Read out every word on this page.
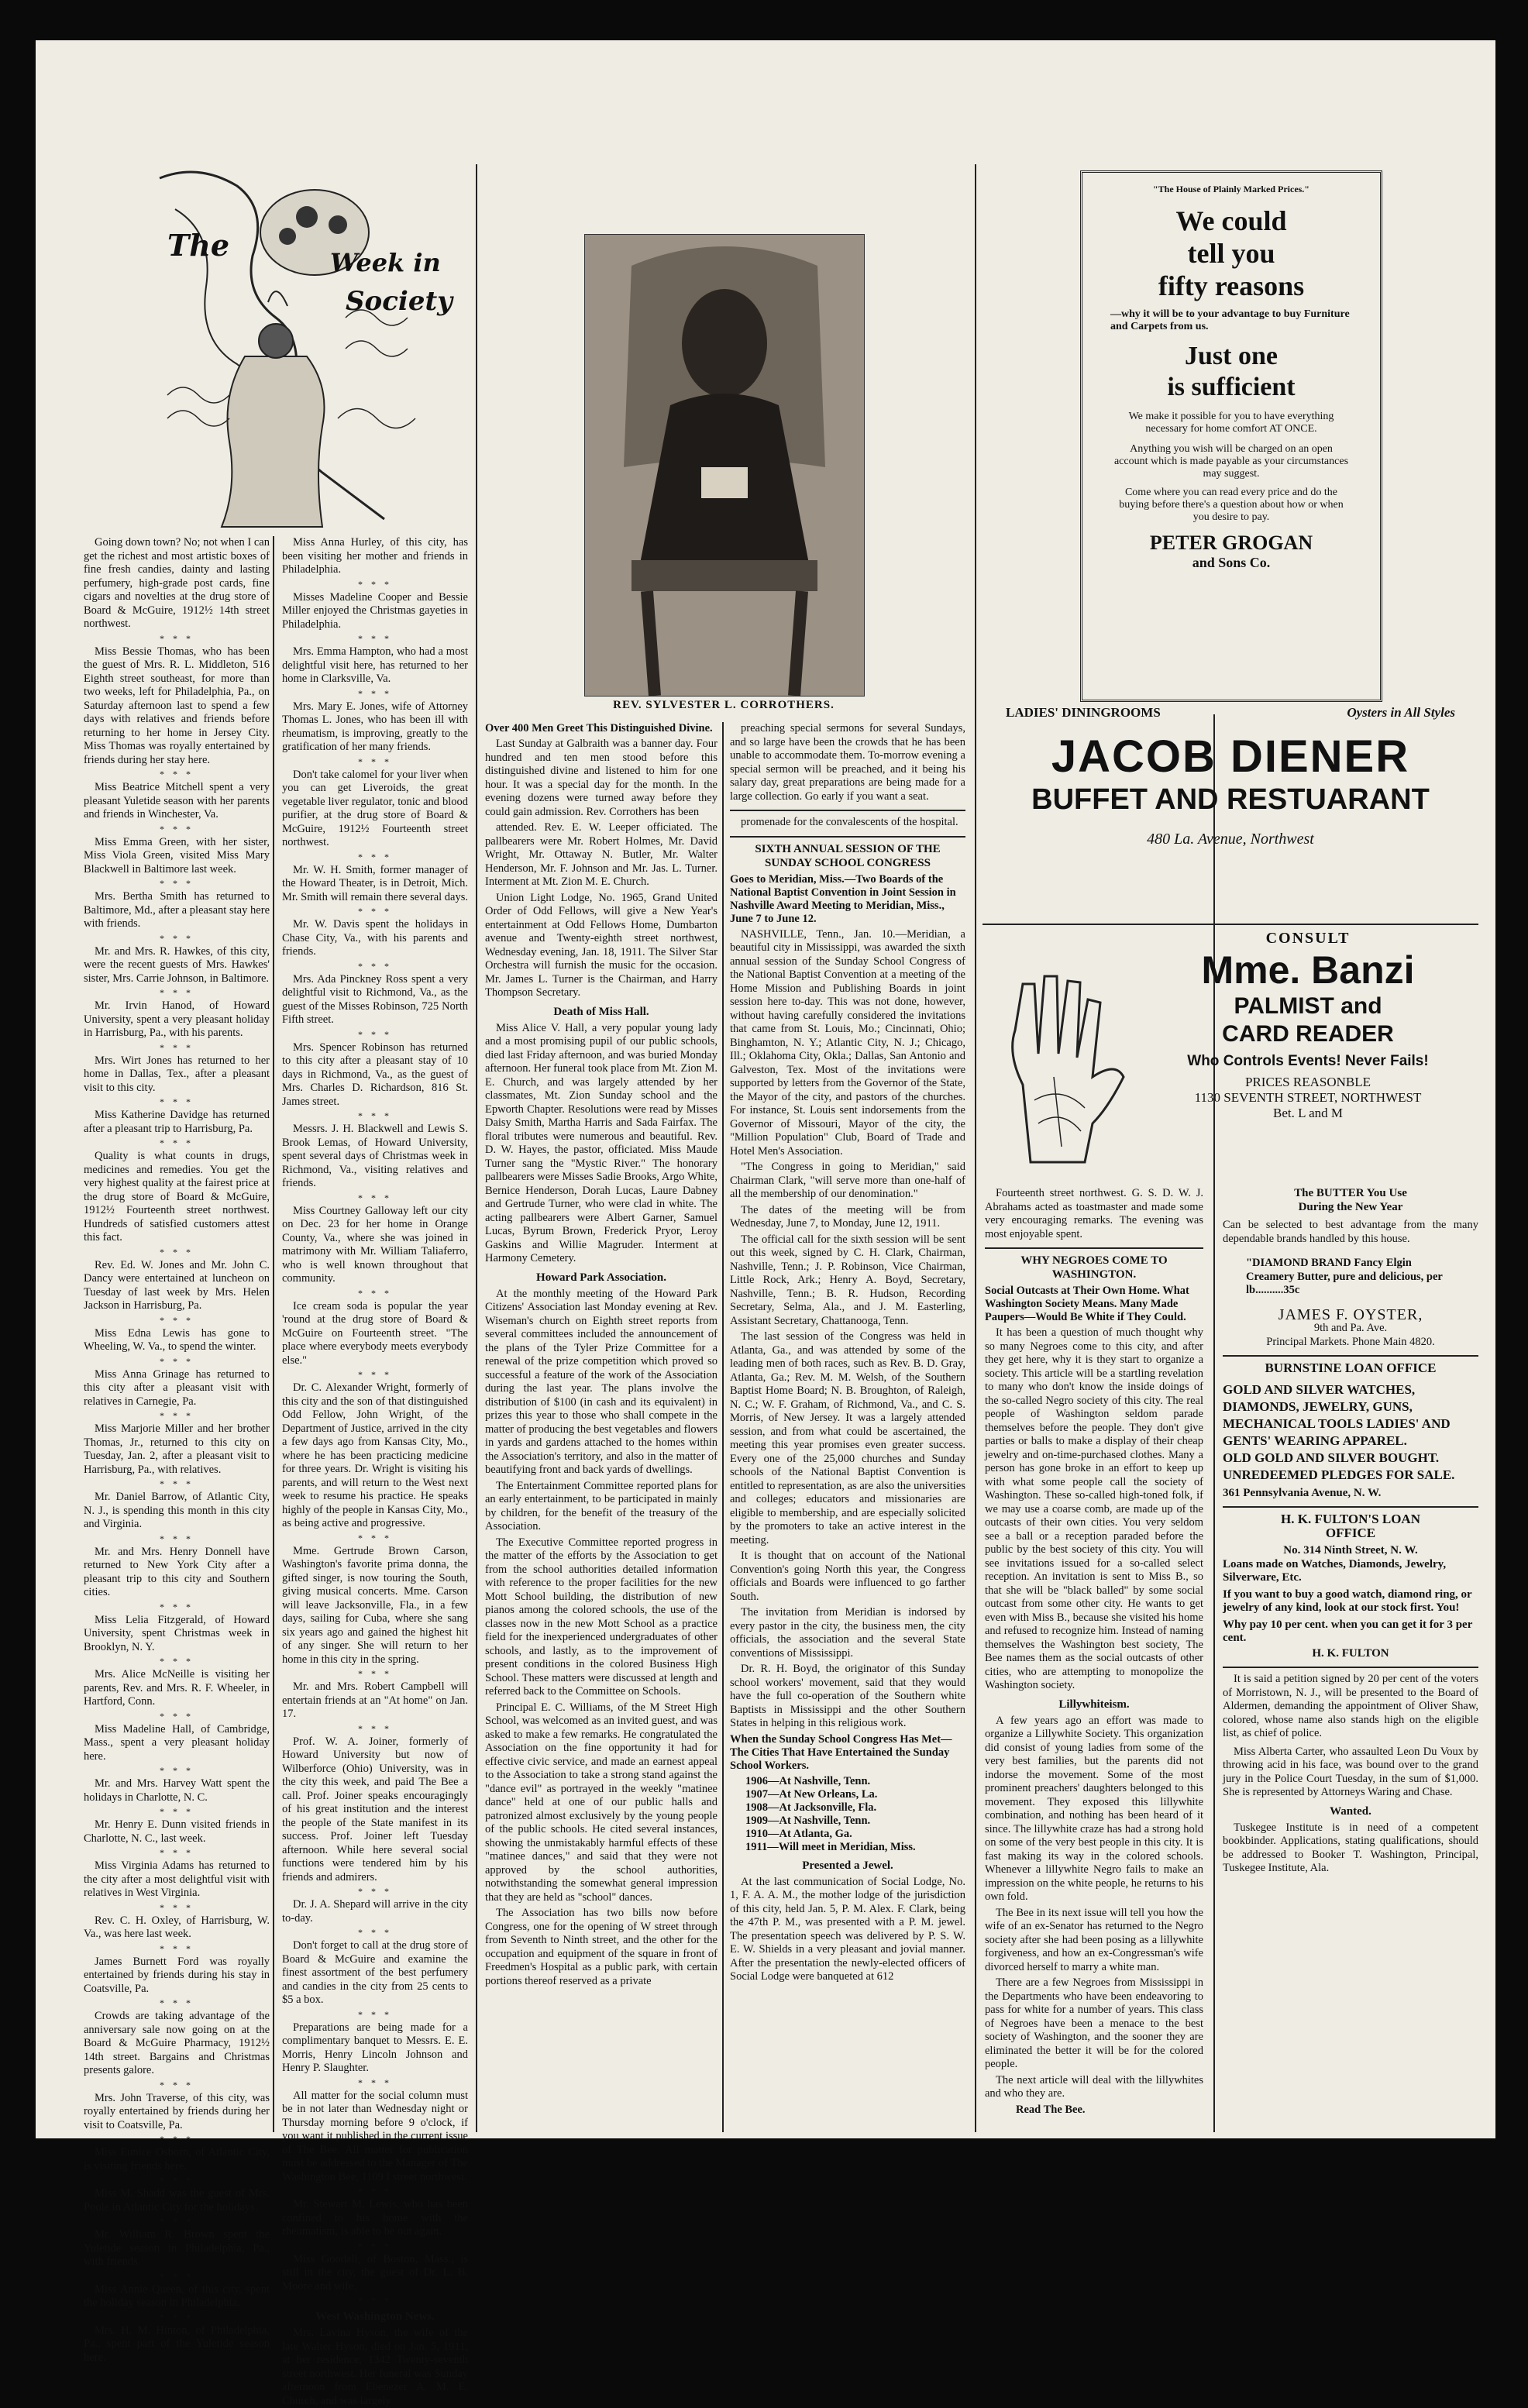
The	Week in
Society
REV. SYLVESTER L. CORROTHERS.

Going down town? No; not when I can get the richest and most artistic boxes of fine fresh candies, dainty and lasting perfumery, high-grade post cards, fine cigars and novelties at the drug store of Board & McGuire, 1912½ 14th street northwest.

* * *

Miss Bessie Thomas, who has been the guest of Mrs. R. L. Middleton, 516 Eighth street southeast, for more than two weeks, left for Philadelphia, Pa., on Saturday afternoon last to spend a few days with relatives and friends before returning to her home in Jersey City. Miss Thomas was royally entertained by friends during her stay here.

* * *

Miss Beatrice Mitchell spent a very pleasant Yuletide season with her parents and friends in Winchester, Va.

* * *

Miss Emma Green, with her sister, Miss Viola Green, visited Miss Mary Blackwell in Baltimore last week.

* * *

Mrs. Bertha Smith has returned to Baltimore, Md., after a pleasant stay here with friends.

* * *

Mr. and Mrs. R. Hawkes, of this city, were the recent guests of Mrs. Hawkes' sister, Mrs. Carrie Johnson, in Baltimore.

* * *

Mr. Irvin Hanod, of Howard University, spent a very pleasant holiday in Harrisburg, Pa., with his parents.

* * *

Mrs. Wirt Jones has returned to her home in Dallas, Tex., after a pleasant visit to this city.

* * *

Miss Katherine Davidge has returned after a pleasant trip to Harrisburg, Pa.

* * *

Quality is what counts in drugs, medicines and remedies. You get the very highest quality at the fairest price at the drug store of Board & McGuire, 1912½ Fourteenth street northwest. Hundreds of satisfied customers attest this fact.

* * *

Rev. Ed. W. Jones and Mr. John C. Dancy were entertained at luncheon on Tuesday of last week by Mrs. Helen Jackson in Harrisburg, Pa.

* * *

Miss Edna Lewis has gone to Wheeling, W. Va., to spend the winter.

* * *

Miss Anna Grinage has returned to this city after a pleasant visit with relatives in Carnegie, Pa.

* * *

Miss Marjorie Miller and her brother Thomas, Jr., returned to this city on Tuesday, Jan. 2, after a pleasant visit to Harrisburg, Pa., with relatives.

* * *

Mr. Daniel Barrow, of Atlantic City, N. J., is spending this month in this city and Virginia.

* * *

Mr. and Mrs. Henry Donnell have returned to New York City after a pleasant trip to this city and Southern cities.

* * *

Miss Lelia Fitzgerald, of Howard University, spent Christmas week in Brooklyn, N. Y.

* * *

Mrs. Alice McNeille is visiting her parents, Rev. and Mrs. R. F. Wheeler, in Hartford, Conn.

* * *

Miss Madeline Hall, of Cambridge, Mass., spent a very pleasant holiday here.

* * *

Mr. and Mrs. Harvey Watt spent the holidays in Charlotte, N. C.

* * *

Mr. Henry E. Dunn visited friends in Charlotte, N. C., last week.

* * *

Miss Virginia Adams has returned to the city after a most delightful visit with relatives in West Virginia.

* * *

Rev. C. H. Oxley, of Harrisburg, W. Va., was here last week.

* * *

James Burnett Ford was royally entertained by friends during his stay in Coatsville, Pa.

* * *

Crowds are taking advantage of the anniversary sale now going on at the Board & McGuire Pharmacy, 1912½ 14th street. Bargains and Christmas presents galore.

* * *

Mrs. John Traverse, of this city, was royally entertained by friends during her visit to Coatsville, Pa.

* * *

Miss Eunice Osborn, of Atlantic City, is visiting friends here.

* * *

Miss M. Shadd was the guest of Mrs. Poole in Atlantic City for the holidays.

* * *

Mr. William R. Brown spent the Yuletide season in Philadelphia, Pa., with friends.

* * *

Miss Annie Queen, of this city, spent the holiday season in Philadelphia.

* * *

Mrs. H. M. Hinton, of Philadelphia, Pa., spent part of the Yuletide season here.

Over 400 Men Greet This Distinguished Divine.

Last Sunday at Galbraith was a banner day. Four hundred and ten men stood before this distinguished divine and listened to him for one hour. It was a special day for the month. In the evening dozens were turned away before they could gain admission. Rev. Corrothers has been

attended. Rev. E. W. Leeper officiated. The pallbearers were Mr. Robert Holmes, Mr. David Wright, Mr. Ottaway N. Butler, Mr. Walter Henderson, Mr. F. Johnson and Mr. Jas. L. Turner. Interment at Mt. Zion M. E. Church.

Union Light Lodge, No. 1965, Grand United Order of Odd Fellows, will give a New Year's entertainment at Odd Fellows Home, Dumbarton avenue and Twenty-eighth street northwest, Wednesday evening, Jan. 18, 1911. The Silver Star Orchestra will furnish the music for the occasion. Mr. James L. Turner is the Chairman, and Harry Thompson Secretary.

Death of Miss Hall.

Miss Alice V. Hall, a very popular young lady and a most promising pupil of our public schools, died last Friday afternoon, and was buried Monday afternoon. Her funeral took place from Mt. Zion M. E. Church, and was largely attended by her classmates, Mt. Zion Sunday school and the Epworth Chapter. Resolutions were read by Misses Daisy Smith, Martha Harris and Sada Fairfax. The floral tributes were numerous and beautiful. Rev. D. W. Hayes, the pastor, officiated. Miss Maude Turner sang the "Mystic River." The honorary pallbearers were Misses Sadie Brooks, Argo White, Bernice Henderson, Dorah Lucas, Laure Dabney and Gertrude Turner, who were clad in white. The acting pallbearers were Albert Garner, Samuel Lucas, Byrum Brown, Frederick Pryor, Leroy Gaskins and Willie Magruder. Interment at Harmony Cemetery.

Howard Park Association.

At the monthly meeting of the Howard Park Citizens' Association last Monday evening at Rev. Wiseman's church on Eighth street reports from several committees included the announcement of the plans of the Tyler Prize Committee for a renewal of the prize competition which proved so successful a feature of the work of the Association during the last year. The plans involve the distribution of $100 (in cash and its equivalent) in prizes this year to those who shall compete in the matter of producing the best vegetables and flowers in yards and gardens attached to the homes within the Association's territory, and also in the matter of beautifying front and back yards of dwellings.

The Entertainment Committee reported plans for an early entertainment, to be participated in mainly by children, for the benefit of the treasury of the Association.

The Executive Committee reported progress in the matter of the efforts by the Association to get from the school authorities detailed information with reference to the proper facilities for the new Mott School building, the distribution of new pianos among the colored schools, the use of the classes now in the new Mott School as a practice field for the inexperienced undergraduates of other schools, and lastly, as to the improvement of present conditions in the colored Business High School. These matters were discussed at length and referred back to the Committee on Schools.

Principal E. C. Williams, of the M Street High School, was welcomed as an invited guest, and was asked to make a few remarks. He congratulated the Association on the fine opportunity it had for effective civic service, and made an earnest appeal to the Association to take a strong stand against the "dance evil" as portrayed in the weekly "matinee dance" held at one of our public halls and patronized almost exclusively by the young people of the public schools. He cited several instances, showing the unmistakably harmful effects of these "matinee dances," and said that they were not approved by the school authorities, notwithstanding the somewhat general impression that they are held as "school" dances.

The Association has two bills now before Congress, one for the opening of W street through from Seventh to Ninth street, and the other for the occupation and equipment of the square in front of Freedmen's Hospital as a public park, with certain portions thereof reserved as a private

"The House of Plainly Marked Prices."
We could
tell you
fifty reasons
—why it will be to your advantage to buy Furniture and Carpets from us.
Just one
is sufficient
We make it possible for you to have everything necessary for home comfort AT ONCE.
Anything you wish will be charged on an open account which is made payable as your circumstances may suggest.
Come where you can read every price and do the buying before there's a question about how or when you desire to pay.
PETER GROGAN
and Sons Co.
LADIES' DININGROOMS	Oysters in All Styles
JACOB DIENER
BUFFET AND RESTUARANT
480 La. Avenue, Northwest
CONSULT
Mme. Banzi
PALMIST and
CARD READER
Who Controls Events! Never Fails!
PRICES REASONBLE
1130 SEVENTH STREET, NORTHWEST
Bet. L and M

Fourteenth street northwest. G. S. D. W. J. Abrahams acted as toastmaster and made some very encouraging remarks. The evening was most enjoyable spent.

WHY NEGROES COME TO WASHINGTON.

Social Outcasts at Their Own Home. What Washington Society Means. Many Made Paupers—Would Be White if They Could.

It has been a question of much thought why so many Negroes come to this city, and after they get here, why it is they start to organize a society. This article will be a startling revelation to many who don't know the inside doings of the so-called Negro society of this city. The real people of Washington seldom parade themselves before the people. They don't give parties or balls to make a display of their cheap jewelry and on-time-purchased clothes. Many a person has gone broke in an effort to keep up with what some people call the society of Washington. These so-called high-toned folk, if we may use a coarse comb, are made up of the outcasts of their own cities. You very seldom see a ball or a reception paraded before the public by the best society of this city. You will see invitations issued for a so-called select reception. An invitation is sent to Miss B., so that she will be "black balled" by some social outcast from some other city. He wants to get even with Miss B., because she visited his home and refused to recognize him. Instead of naming themselves the Washington best society, The Bee names them as the social outcasts of other cities, who are attempting to monopolize the Washington society.

Lillywhiteism.

A few years ago an effort was made to organize a Lillywhite Society. This organization did consist of young ladies from some of the very best families, but the parents did not indorse the movement. Some of the most prominent preachers' daughters belonged to this movement. They exposed this lillywhite combination, and nothing has been heard of it since. The lillywhite craze has had a strong hold on some of the very best people in this city. It is fast making its way in the colored schools. Whenever a lillywhite Negro fails to make an impression on the white people, he returns to his own fold.

The Bee in its next issue will tell you how the wife of an ex-Senator has returned to the Negro society after she had been posing as a lillywhite forgiveness, and how an ex-Congressman's wife divorced herself to marry a white man.

There are a few Negroes from Mississippi in the Departments who have been endeavoring to pass for white for a number of years. This class of Negroes have been a menace to the best society of Washington, and the sooner they are eliminated the better it will be for the colored people.

The next article will deal with the lillywhites and who they are.

Read The Bee.

The BUTTER You Use
During the New Year
Can be selected to best advantage from the many dependable brands handled by this house.
"DIAMOND BRAND Fancy Elgin Creamery Butter, pure and delicious, per lb..........35c
JAMES F. OYSTER,
9th and Pa. Ave.
Principal Markets. Phone Main 4820.
BURNSTINE LOAN OFFICE
GOLD AND SILVER WATCHES, DIAMONDS, JEWELRY, GUNS, MECHANICAL TOOLS LADIES' AND GENTS' WEARING APPAREL.
OLD GOLD AND SILVER BOUGHT.
UNREDEEMED PLEDGES FOR SALE.
361 Pennsylvania Avenue, N. W.
H. K. FULTON'S LOAN
OFFICE
No. 314 Ninth Street, N. W.
Loans made on Watches, Diamonds, Jewelry, Silverware, Etc.
If you want to buy a good watch, diamond ring, or jewelry of any kind, look at our stock first. You!
Why pay 10 per cent. when you can get it for 3 per cent.
H. K. FULTON

It is said a petition signed by 20 per cent of the voters of Morristown, N. J., will be presented to the Board of Aldermen, demanding the appointment of Oliver Shaw, colored, whose name also stands high on the eligible list, as chief of police.

Miss Alberta Carter, who assaulted Leon Du Voux by throwing acid in his face, was bound over to the grand jury in the Police Court Tuesday, in the sum of $1,000. She is represented by Attorneys Waring and Chase.

Wanted.

Tuskegee Institute is in need of a competent bookbinder. Applications, stating qualifications, should be addressed to Booker T. Washington, Principal, Tuskegee Institute, Ala.

Miss Anna Hurley, of this city, has been visiting her mother and friends in Philadelphia.

* * *

Misses Madeline Cooper and Bessie Miller enjoyed the Christmas gayeties in Philadelphia.

* * *

Mrs. Emma Hampton, who had a most delightful visit here, has returned to her home in Clarksville, Va.

* * *

Mrs. Mary E. Jones, wife of Attorney Thomas L. Jones, who has been ill with rheumatism, is improving, greatly to the gratification of her many friends.

* * *

Don't take calomel for your liver when you can get Liveroids, the great vegetable liver regulator, tonic and blood purifier, at the drug store of Board & McGuire, 1912½ Fourteenth street northwest.

* * *

Mr. W. H. Smith, former manager of the Howard Theater, is in Detroit, Mich. Mr. Smith will remain there several days.

* * *

Mr. W. Davis spent the holidays in Chase City, Va., with his parents and friends.

* * *

Mrs. Ada Pinckney Ross spent a very delightful visit to Richmond, Va., as the guest of the Misses Robinson, 725 North Fifth street.

* * *

Mrs. Spencer Robinson has returned to this city after a pleasant stay of 10 days in Richmond, Va., as the guest of Mrs. Charles D. Richardson, 816 St. James street.

* * *

Messrs. J. H. Blackwell and Lewis S. Brook Lemas, of Howard University, spent several days of Christmas week in Richmond, Va., visiting relatives and friends.

* * *

Miss Courtney Galloway left our city on Dec. 23 for her home in Orange County, Va., where she was joined in matrimony with Mr. William Taliaferro, who is well known throughout that community.

* * *

Ice cream soda is popular the year 'round at the drug store of Board & McGuire on Fourteenth street. "The place where everybody meets everybody else."

* * *

Dr. C. Alexander Wright, formerly of this city and the son of that distinguished Odd Fellow, John Wright, of the Department of Justice, arrived in the city a few days ago from Kansas City, Mo., where he has been practicing medicine for three years. Dr. Wright is visiting his parents, and will return to the West next week to resume his practice. He speaks highly of the people in Kansas City, Mo., as being active and progressive.

* * *

Mme. Gertrude Brown Carson, Washington's favorite prima donna, the gifted singer, is now touring the South, giving musical concerts. Mme. Carson will leave Jacksonville, Fla., in a few days, sailing for Cuba, where she sang six years ago and gained the highest hit of any singer. She will return to her home in this city in the spring.

* * *

Mr. and Mrs. Robert Campbell will entertain friends at an "At home" on Jan. 17.

* * *

Prof. W. A. Joiner, formerly of Howard University but now of Wilberforce (Ohio) University, was in the city this week, and paid The Bee a call. Prof. Joiner speaks encouragingly of his great institution and the interest the people of the State manifest in its success. Prof. Joiner left Tuesday afternoon. While here several social functions were tendered him by his friends and admirers.

* * *

Dr. J. A. Shepard will arrive in the city to-day.

* * *

Don't forget to call at the drug store of Board & McGuire and examine the finest assortment of the best perfumery and candies in the city from 25 cents to $5 a box.

* * *

Preparations are being made for a complimentary banquet to Messrs. E. E. Morris, Henry Lincoln Johnson and Henry P. Slaughter.

* * *

All matter for the social column must be in not later than Wednesday night or Thursday morning before 9 o'clock, if you want it published in the current issue of The Bee. All matter for publication must be addressed to the Manager of The Washington Bee, 1109 I street northwest.

* * *

Mr. Stewart M. Lewis, who has been confined to his home with the rheumatism, is able to be out again.

* * *

Miss Goodall, of Boston, Mass., is still in the city, the guest of Dr. L. B. Moore and wife.

* * *
West Washington News.

Mrs. Lavina Hyson, the wife of the late Walter Hyson, died on Jan. 5, 1911, at her residence, 1342 Twenty-seventh street northwest. Her funeral was Sunday afternoon from Ebenezer A. M. E. Church, and was largely

preaching special sermons for several Sundays, and so large have been the crowds that he has been unable to accommodate them. To-morrow evening a special sermon will be preached, and it being his salary day, great preparations are being made for a large collection. Go early if you want a seat.

promenade for the convalescents of the hospital.

SIXTH ANNUAL SESSION OF THE SUNDAY SCHOOL CONGRESS

Goes to Meridian, Miss.—Two Boards of the National Baptist Convention in Joint Session in Nashville Award Meeting to Meridian, Miss., June 7 to June 12.

NASHVILLE, Tenn., Jan. 10.—Meridian, a beautiful city in Mississippi, was awarded the sixth annual session of the Sunday School Congress of the National Baptist Convention at a meeting of the Home Mission and Publishing Boards in joint session here to-day. This was not done, however, without having carefully considered the invitations that came from St. Louis, Mo.; Cincinnati, Ohio; Binghamton, N. Y.; Atlantic City, N. J.; Chicago, Ill.; Oklahoma City, Okla.; Dallas, San Antonio and Galveston, Tex. Most of the invitations were supported by letters from the Governor of the State, the Mayor of the city, and pastors of the churches. For instance, St. Louis sent indorsements from the Governor of Missouri, Mayor of the city, the "Million Population" Club, Board of Trade and Hotel Men's Association.

"The Congress in going to Meridian," said Chairman Clark, "will serve more than one-half of all the membership of our denomination."

The dates of the meeting will be from Wednesday, June 7, to Monday, June 12, 1911.

The official call for the sixth session will be sent out this week, signed by C. H. Clark, Chairman, Nashville, Tenn.; J. P. Robinson, Vice Chairman, Little Rock, Ark.; Henry A. Boyd, Secretary, Nashville, Tenn.; B. R. Hudson, Recording Secretary, Selma, Ala., and J. M. Easterling, Assistant Secretary, Chattanooga, Tenn.

The last session of the Congress was held in Atlanta, Ga., and was attended by some of the leading men of both races, such as Rev. B. D. Gray, Atlanta, Ga.; Rev. M. M. Welsh, of the Southern Baptist Home Board; N. B. Broughton, of Raleigh, N. C.; W. F. Graham, of Richmond, Va., and C. S. Morris, of New Jersey. It was a largely attended session, and from what could be ascertained, the meeting this year promises even greater success. Every one of the 25,000 churches and Sunday schools of the National Baptist Convention is entitled to representation, as are also the universities and colleges; educators and missionaries are eligible to membership, and are especially solicited by the promoters to take an active interest in the meeting.

It is thought that on account of the National Convention's going North this year, the Congress officials and Boards were influenced to go farther South.

The invitation from Meridian is indorsed by every pastor in the city, the business men, the city officials, the association and the several State conventions of Mississippi.

Dr. R. H. Boyd, the originator of this Sunday school workers' movement, said that they would have the full co-operation of the Southern white Baptists in Mississippi and the other Southern States in helping in this religious work.

When the Sunday School Congress Has Met—The Cities That Have Entertained the Sunday School Workers.

1906—At Nashville, Tenn.

1907—At New Orleans, La.

1908—At Jacksonville, Fla.

1909—At Nashville, Tenn.

1910—At Atlanta, Ga.

1911—Will meet in Meridian, Miss.

Presented a Jewel.

At the last communication of Social Lodge, No. 1, F. A. A. M., the mother lodge of the jurisdiction of this city, held Jan. 5, P. M. Alex. F. Clark, being the 47th P. M., was presented with a P. M. jewel. The presentation speech was delivered by P. S. W. E. W. Shields in a very pleasant and jovial manner. After the presentation the newly-elected officers of Social Lodge were banqueted at 612
